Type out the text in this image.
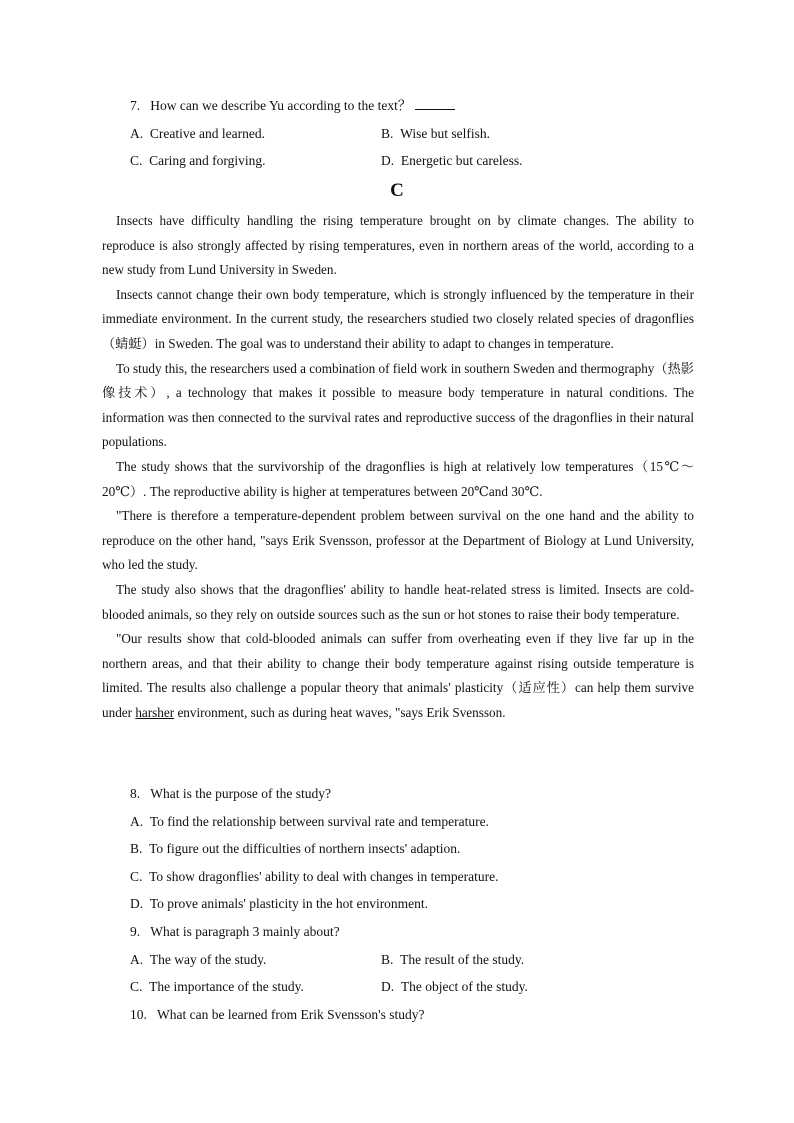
7.   How can we describe Yu according to the text？
A.  Creative and learned.	B.  Wise but selfish.
C.  Caring and forgiving.	D.  Energetic but careless.
C

Insects have difficulty handling the rising temperature brought on by climate changes. The ability to reproduce is also strongly affected by rising temperatures, even in northern areas of the world, according to a new study from Lund University in Sweden.

Insects cannot change their own body temperature, which is strongly influenced by the temperature in their immediate environment. In the current study, the researchers studied two closely related species of dragonflies（蜻蜓）in Sweden. The goal was to understand their ability to adapt to changes in temperature.

To study this, the researchers used a combination of field work in southern Sweden and thermography（热影像技术）, a technology that makes it possible to measure body temperature in natural conditions. The information was then connected to the survival rates and reproductive success of the dragonflies in their natural populations.

The study shows that the survivorship of the dragonflies is high at relatively low temperatures（15℃～20℃）. The reproductive ability is higher at temperatures between 20℃and 30℃.

"There is therefore a temperature-dependent problem between survival on the one hand and the ability to reproduce on the other hand, "says Erik Svensson, professor at the Department of Biology at Lund University, who led the study.

The study also shows that the dragonflies' ability to handle heat-related stress is limited. Insects are cold-blooded animals, so they rely on outside sources such as the sun or hot stones to raise their body temperature.

"Our results show that cold-blooded animals can suffer from overheating even if they live far up in the northern areas, and that their ability to change their body temperature against rising outside temperature is limited. The results also challenge a popular theory that animals' plasticity（适应性）can help them survive under harsher environment, such as during heat waves, "says Erik Svensson.

8.   What is the purpose of the study?
A.  To find the relationship between survival rate and temperature.
B.  To figure out the difficulties of northern insects' adaption.
C.  To show dragonflies' ability to deal with changes in temperature.
D.  To prove animals' plasticity in the hot environment.
9.   What is paragraph 3 mainly about?
A.  The way of the study.	B.  The result of the study.
C.  The importance of the study.	D.  The object of the study.
10.   What can be learned from Erik Svensson's study?
